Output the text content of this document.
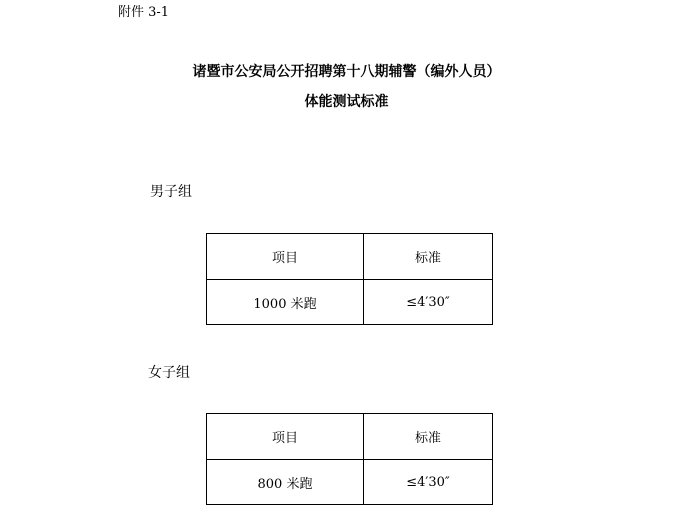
附件 3-1
诸暨市公安局公开招聘第十八期辅警（编外人员）
体能测试标准
男子组
项目	标准
1000 米跑	≤4′30″
女子组
项目	标准
800 米跑	≤4′30″
